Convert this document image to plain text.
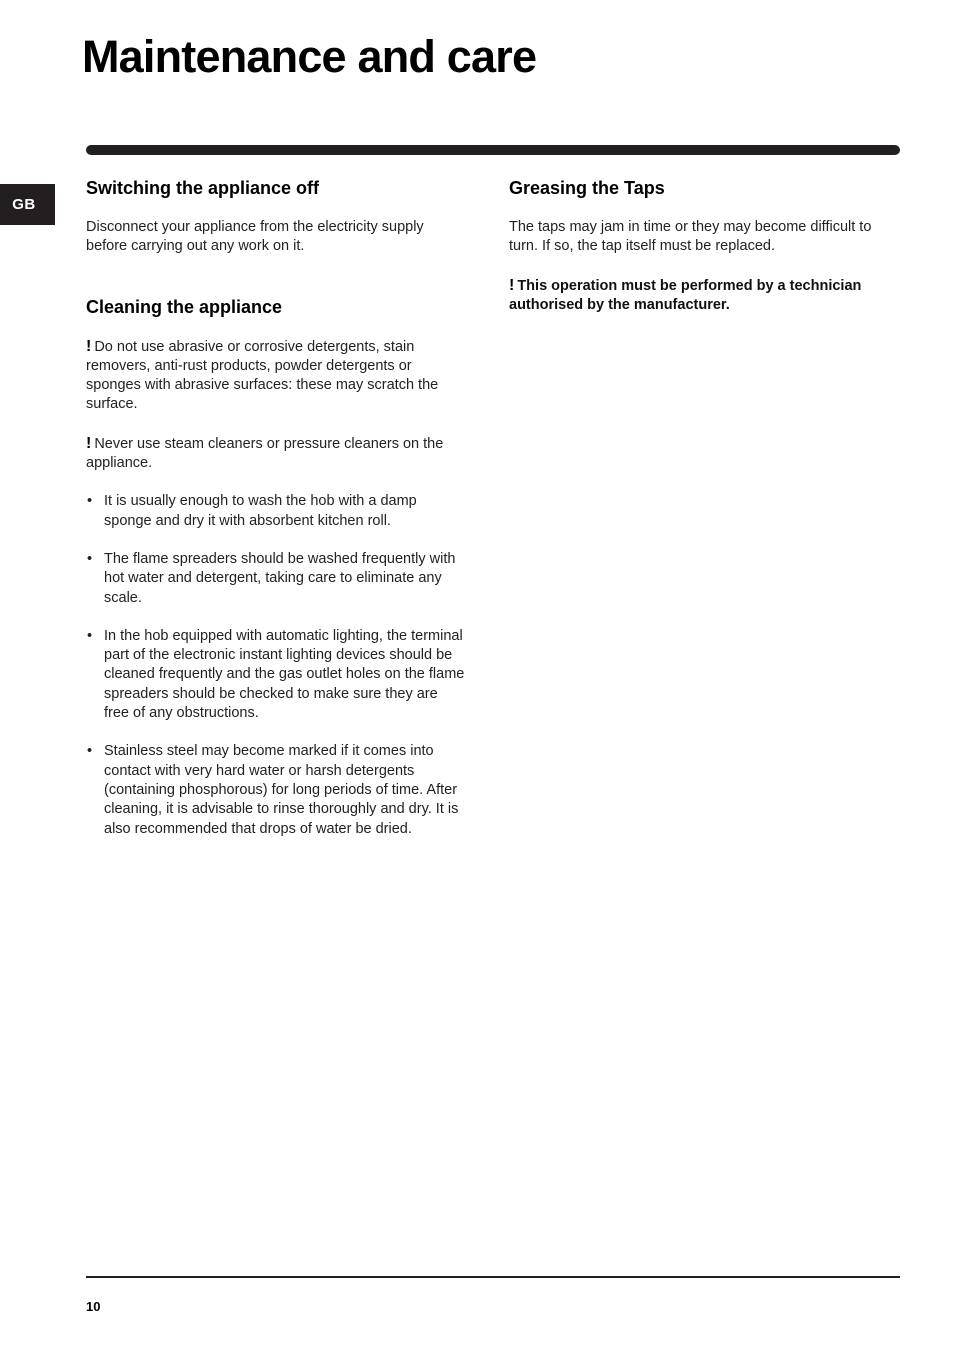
Maintenance and care
GB
Switching the appliance off

Disconnect your appliance from the electricity supply before carrying out any work on it.

Cleaning the appliance

! Do not use abrasive or corrosive detergents, stain removers, anti-rust products, powder detergents or sponges with abrasive surfaces: these may scratch the surface.

! Never use steam cleaners or pressure cleaners on the appliance.

• It is usually enough to wash the hob with a damp sponge and dry it with absorbent kitchen roll.
• The flame spreaders should be washed frequently with hot water and detergent, taking care to eliminate any scale.
• In the hob equipped with automatic lighting, the terminal part of the electronic instant lighting devices should be cleaned frequently and the gas outlet holes on the flame spreaders should be checked to make sure they are free of any obstructions.
• Stainless steel may become marked if it comes into contact with very hard water or harsh detergents (containing phosphorous) for long periods of time. After cleaning, it is advisable to rinse thoroughly and dry. It is also recommended that drops of water be dried.
Greasing the Taps

The taps may jam in time or they may become difficult to turn. If so, the tap itself must be replaced.

! This operation must be performed by a technician authorised by the manufacturer.

10
